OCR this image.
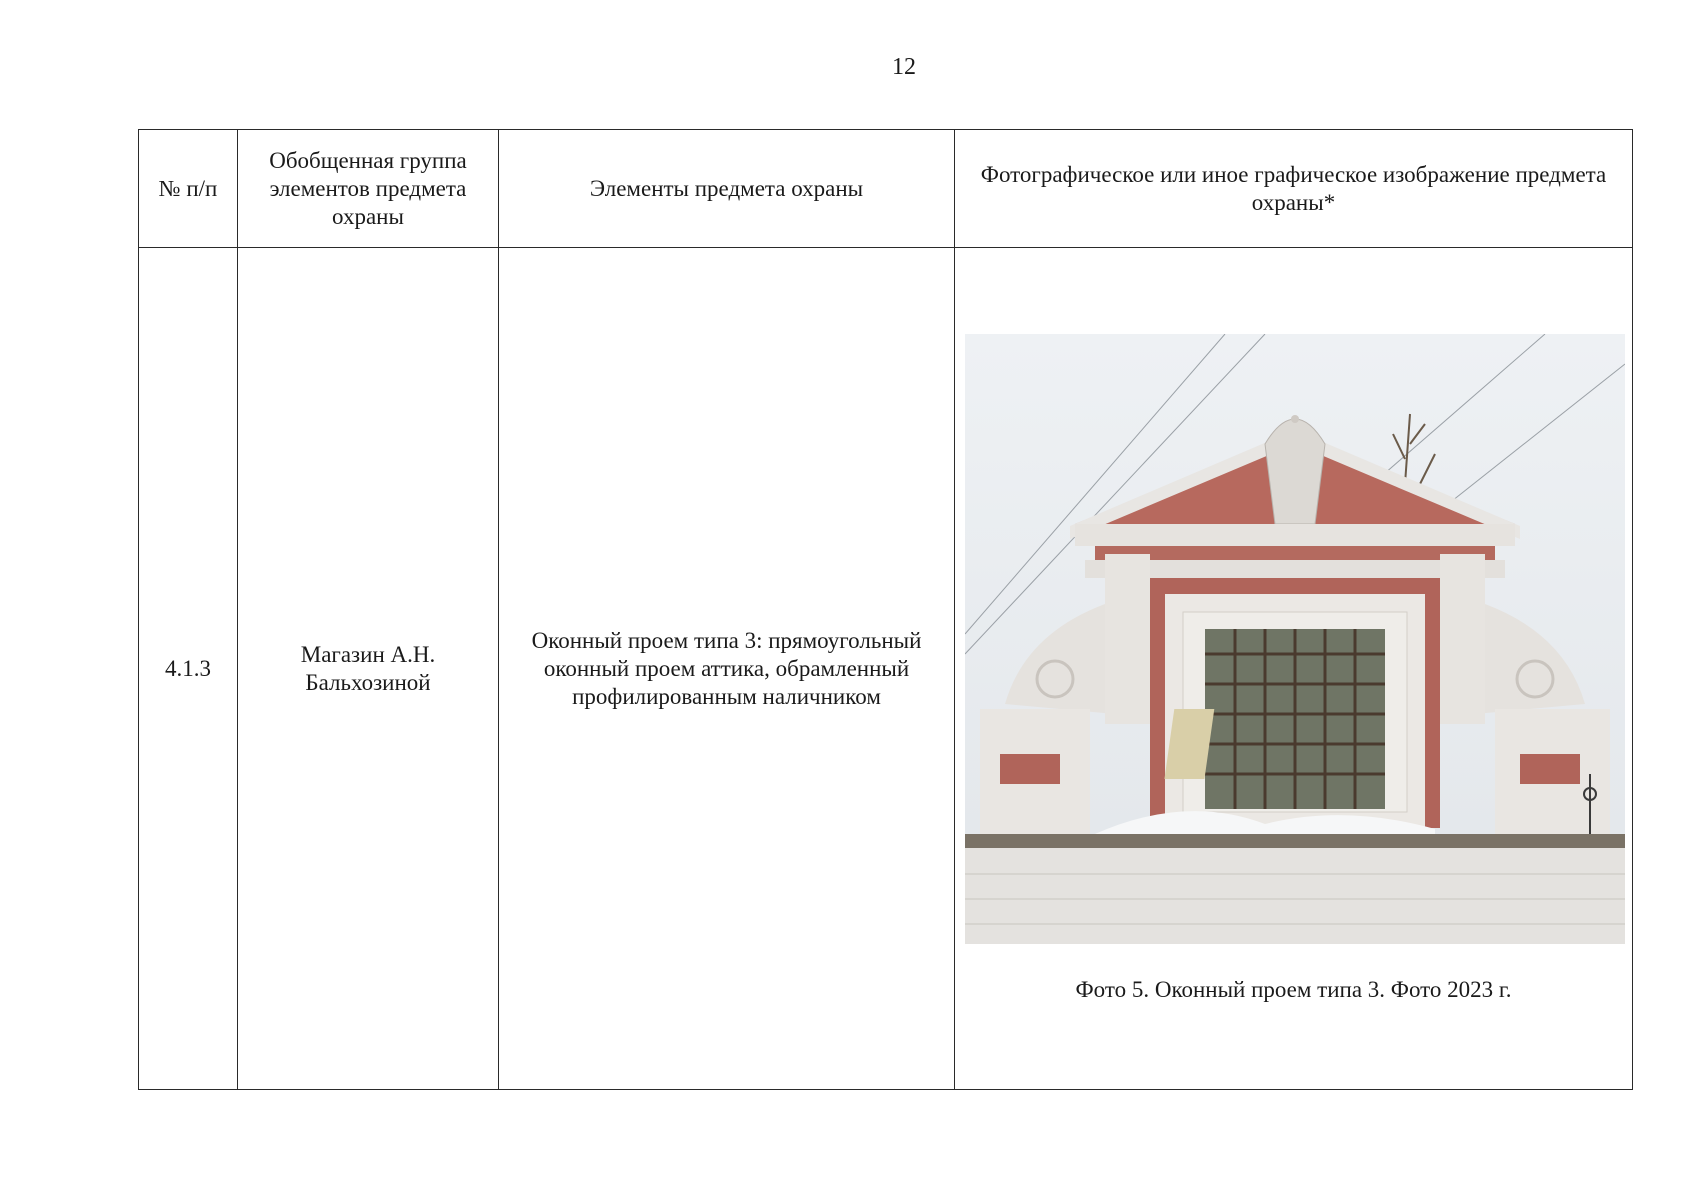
12
№ п/п	Обобщенная группа элементов предмета охраны	Элементы предмета охраны	Фотографическое или иное графическое изображение предмета охраны*
4.1.3	Магазин А.Н. Бальхозиной	Оконный проем типа 3: прямоугольный оконный проем аттика, обрамленный профилированным наличником	Фото 5. Оконный проем типа 3. Фото 2023 г.
